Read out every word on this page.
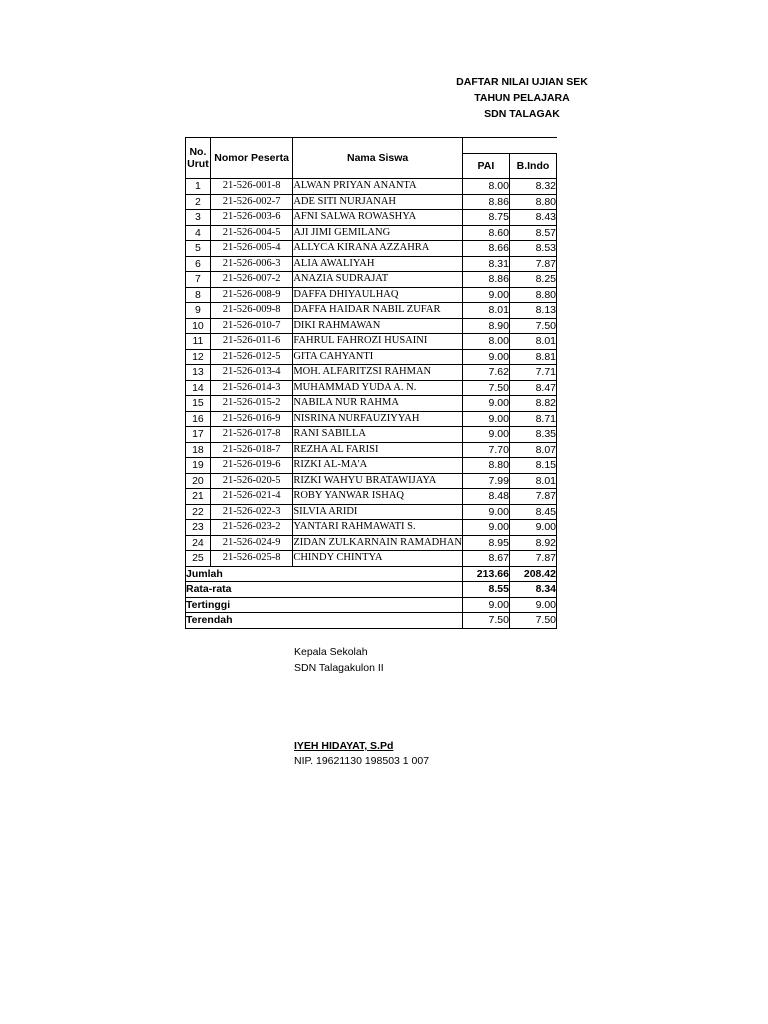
DAFTAR NILAI UJIAN SEK
TAHUN PELAJARA
SDN TALAGAK
No. Urut	Nomor Peserta	Nama Siswa		
			PAI	B.Indo
1	21-526-001-8	ALWAN PRIYAN ANANTA	8.00	8.32
2	21-526-002-7	ADE SITI NURJANAH	8.86	8.80
3	21-526-003-6	AFNI SALWA ROWASHYA	8.75	8.43
4	21-526-004-5	AJI JIMI GEMILANG	8.60	8.57
5	21-526-005-4	ALLYCA KIRANA AZZAHRA	8.66	8.53
6	21-526-006-3	ALIA AWALIYAH	8.31	7.87
7	21-526-007-2	ANAZIA SUDRAJAT	8.86	8.25
8	21-526-008-9	DAFFA DHIYAULHAQ	9.00	8.80
9	21-526-009-8	DAFFA HAIDAR NABIL ZUFAR	8.01	8.13
10	21-526-010-7	DIKI RAHMAWAN	8.90	7.50
11	21-526-011-6	FAHRUL FAHROZI HUSAINI	8.00	8.01
12	21-526-012-5	GITA CAHYANTI	9.00	8.81
13	21-526-013-4	MOH. ALFARITZSI RAHMAN	7.62	7.71
14	21-526-014-3	MUHAMMAD YUDA A. N.	7.50	8.47
15	21-526-015-2	NABILA NUR RAHMA	9.00	8.82
16	21-526-016-9	NISRINA NURFAUZIYYAH	9.00	8.71
17	21-526-017-8	RANI SABILLA	9.00	8.35
18	21-526-018-7	REZHA AL FARISI	7.70	8.07
19	21-526-019-6	RIZKI AL-MA'A	8.80	8.15
20	21-526-020-5	RIZKI WAHYU BRATAWIJAYA	7.99	8.01
21	21-526-021-4	ROBY YANWAR ISHAQ	8.48	7.87
22	21-526-022-3	SILVIA ARIDI	9.00	8.45
23	21-526-023-2	YANTARI RAHMAWATI S.	9.00	9.00
24	21-526-024-9	ZIDAN ZULKARNAIN RAMADHAN	8.95	8.92
25	21-526-025-8	CHINDY CHINTYA	8.67	7.87
Jumlah			213.66	208.42
Rata-rata			8.55	8.34
Tertinggi			9.00	9.00
Terendah			7.50	7.50
Kepala Sekolah
SDN Talagakulon II
IYEH HIDAYAT, S.Pd
NIP. 19621130 198503 1 007
